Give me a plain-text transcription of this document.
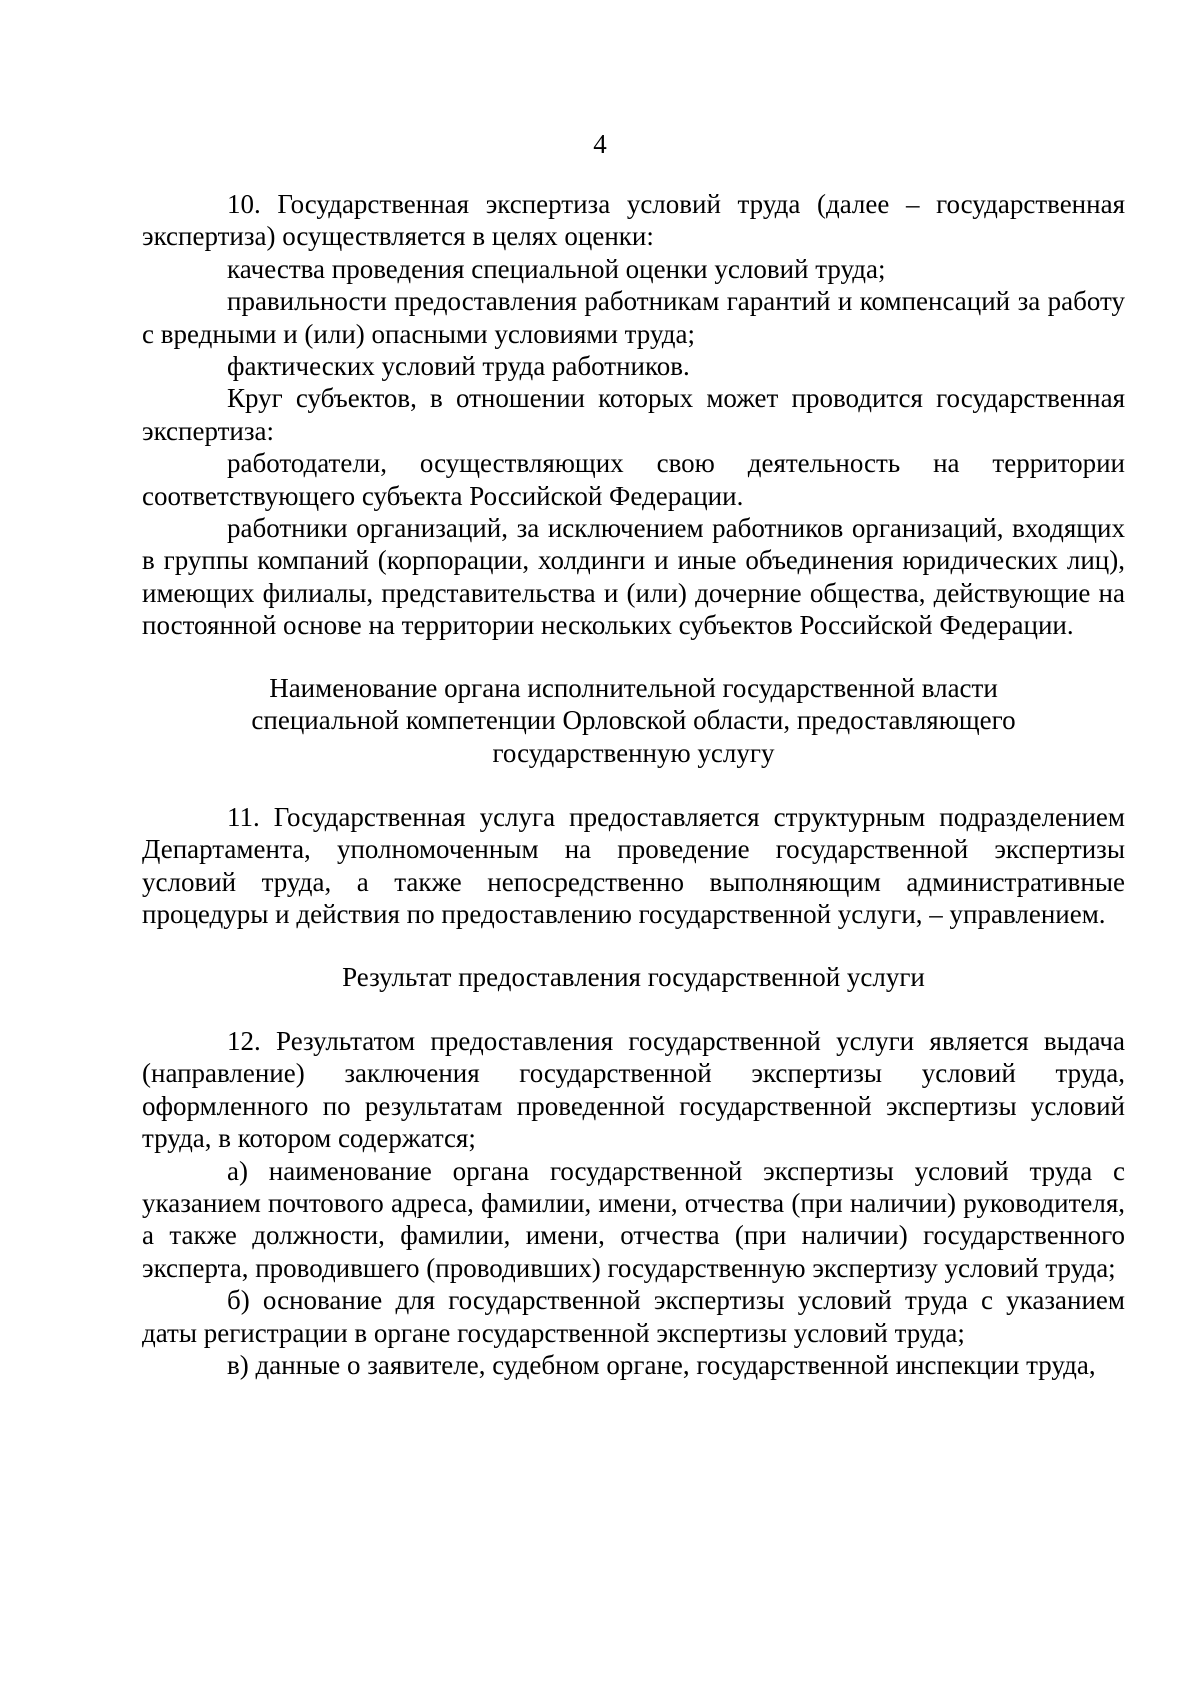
4

10. Государственная экспертиза условий труда (далее – государственная экспертиза) осуществляется в целях оценки:

качества проведения специальной оценки условий труда;

правильности предоставления работникам гарантий и компенсаций за работу с вредными и (или) опасными условиями труда;

фактических условий труда работников.

Круг субъектов, в отношении которых может проводится государственная экспертиза:

работодатели, осуществляющих свою деятельность на территории соответствующего субъекта Российской Федерации.

работники организаций, за исключением работников организаций, входящих в группы компаний (корпорации, холдинги и иные объединения юридических лиц), имеющих филиалы, представительства и (или) дочерние общества, действующие на постоянной основе на территории нескольких субъектов Российской Федерации.

Наименование органа исполнительной государственной власти
специальной компетенции Орловской области, предоставляющего
государственную услугу

11. Государственная услуга предоставляется структурным подразделением Департамента, уполномоченным на проведение государственной экспертизы условий труда, а также непосредственно выполняющим административные процедуры и действия по предоставлению государственной услуги, – управлением.

Результат предоставления государственной услуги

12. Результатом предоставления государственной услуги является выдача (направление) заключения государственной экспертизы условий труда, оформленного по результатам проведенной государственной экспертизы условий труда, в котором содержатся;

а) наименование органа государственной экспертизы условий труда с указанием почтового адреса, фамилии, имени, отчества (при наличии) руководителя, а также должности, фамилии, имени, отчества (при наличии) государственного эксперта, проводившего (проводивших) государственную экспертизу условий труда;

б) основание для государственной экспертизы условий труда с указанием даты регистрации в органе государственной экспертизы условий труда;

в) данные о заявителе, судебном органе, государственной инспекции труда,
